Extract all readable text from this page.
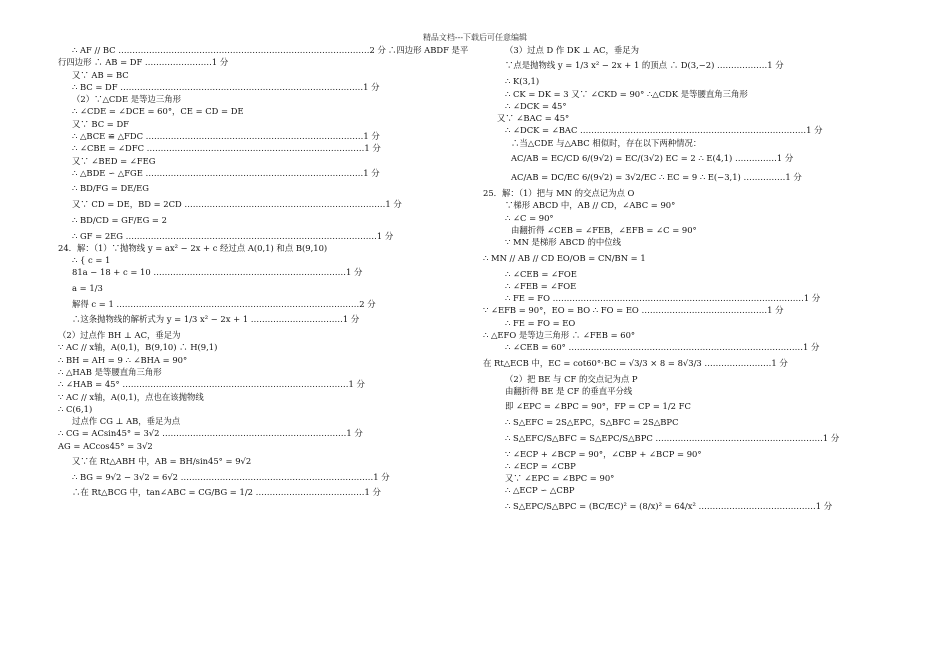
精品文档---下载后可任意编辑
∴ AF // BC ………………………………………………………………………………2 分
行四边形 ∴ AB = DF ……………………1 分
又∵ AB = BC
∴ BC = DF ……………………………………………………………………………1 分
（2）∵△CDE 是等边三角形
∴ ∠CDE = ∠DCE = 60°，CE = CD = DE
又∵ BC = DF
∴ △BCE ≌ △FDC ……………………………………………………………………1 分
∴ ∠CBE = ∠DFC ……………………………………………………………………1 分
又∵ ∠BED = ∠FEG
∴ △BDE ∽ △FGE ……………………………………………………………………1 分
∴ BD/FG = DE/EG
又∵ CD = DE，BD = 2CD ………………………………………………………………1 分
∴ BD/CD = GF/EG = 2
∴ GF = 2EG ………………………………………………………………………………1 分
24．解：（1）∵抛物线 y = ax² − 2x + c 经过点 A(0,1) 和点 B(9,10)
∴ { c = 1
81a − 18 + c = 10 ……………………………………………………………1 分
a = 1/3
解得 c = 1 ……………………………………………………………………………2 分
∴这条抛物线的解析式为 y = 1/3 x² − 2x + 1 ……………………………1 分
（2）过点作 BH ⊥ AC，垂足为
∵ AC // x轴，A(0,1)，B(9,10) ∴ H(9,1)
∴ BH = AH = 9 ∴ ∠BHA = 90°
∴ △HAB 是等腰直角三角形
∴ ∠HAB = 45° ………………………………………………………………………1 分
∵ AC // x轴，A(0,1)，点也在该抛物线
∴ C(6,1)
过点作 CG ⊥ AB，垂足为点
∴ CG = ACsin45° = 3√2 …………………………………………………………1 分
AG = ACcos45° = 3√2
又∵在 Rt△ABH 中，AB = BH/sin45° = 9√2
∴ BG = 9√2 − 3√2 = 6√2 ……………………………………………………………1 分
∴在 Rt△BCG 中，tan∠ABC = CG/BG = 1/2 …………………………………1 分
∴四边形 ABDF 是平	（3）过点 D 作 DK ⊥ AC，垂足为
∵点是抛物线 y = 1/3 x² − 2x + 1 的顶点 ∴ D(3,−2) ………………1 分
∴ K(3,1)
∴ CK = DK = 3 又∵ ∠CKD = 90° ∴△CDK 是等腰直角三角形
∴ ∠DCK = 45°
又∵ ∠BAC = 45°
∴ ∠DCK = ∠BAC ………………………………………………………………………1 分
∴当△CDE 与△ABC 相似时，存在以下两种情况：
AC/AB = EC/CD 6/(9√2) = EC/(3√2) EC = 2 ∴ E(4,1) ……………1 分
AC/AB = DC/EC 6/(9√2) = 3√2/EC ∴ EC = 9 ∴ E(−3,1) ……………1 分
25．解：（1）把与 MN 的交点记为点 O
∵梯形 ABCD 中，AB // CD，∠ABC = 90°
∴ ∠C = 90°
由翻折得 ∠CEB = ∠FEB，∠EFB = ∠C = 90°
∵ MN 是梯形 ABCD 的中位线
∴ MN // AB // CD EO/OB = CN/BN = 1
∴ ∠CEB = ∠FOE
∴ ∠FEB = ∠FOE
∴ FE = FO ………………………………………………………………………………1 分
∵ ∠EFB = 90°，EO = BO ∴ FO = EO ………………………………………1 分
∴ FE = FO = EO
∴ △EFO 是等边三角形 ∴ ∠FEB = 60°
∴ ∠CEB = 60° …………………………………………………………………………1 分
在 Rt△ECB 中，EC = cot60°·BC = √3/3 × 8 = 8√3/3 ……………………1 分
（2）把 BE 与 CF 的交点记为点 P
由翻折得 BE 是 CF 的垂直平分线
即 ∠EPC = ∠BPC = 90°，FP = CP = 1/2 FC
∴ S△EFC = 2S△EPC，S△BFC = 2S△BPC
∴ S△EFC/S△BFC = S△EPC/S△BPC ……………………………………………………1 分
∵ ∠ECP + ∠BCP = 90°，∠CBP + ∠BCP = 90°
∴ ∠ECP = ∠CBP
又∵ ∠EPC = ∠BPC = 90°
∴ △ECP ∽ △CBP
∴ S△EPC/S△BPC = (BC/EC)² = (8/x)² = 64/x² ……………………………………1 分
